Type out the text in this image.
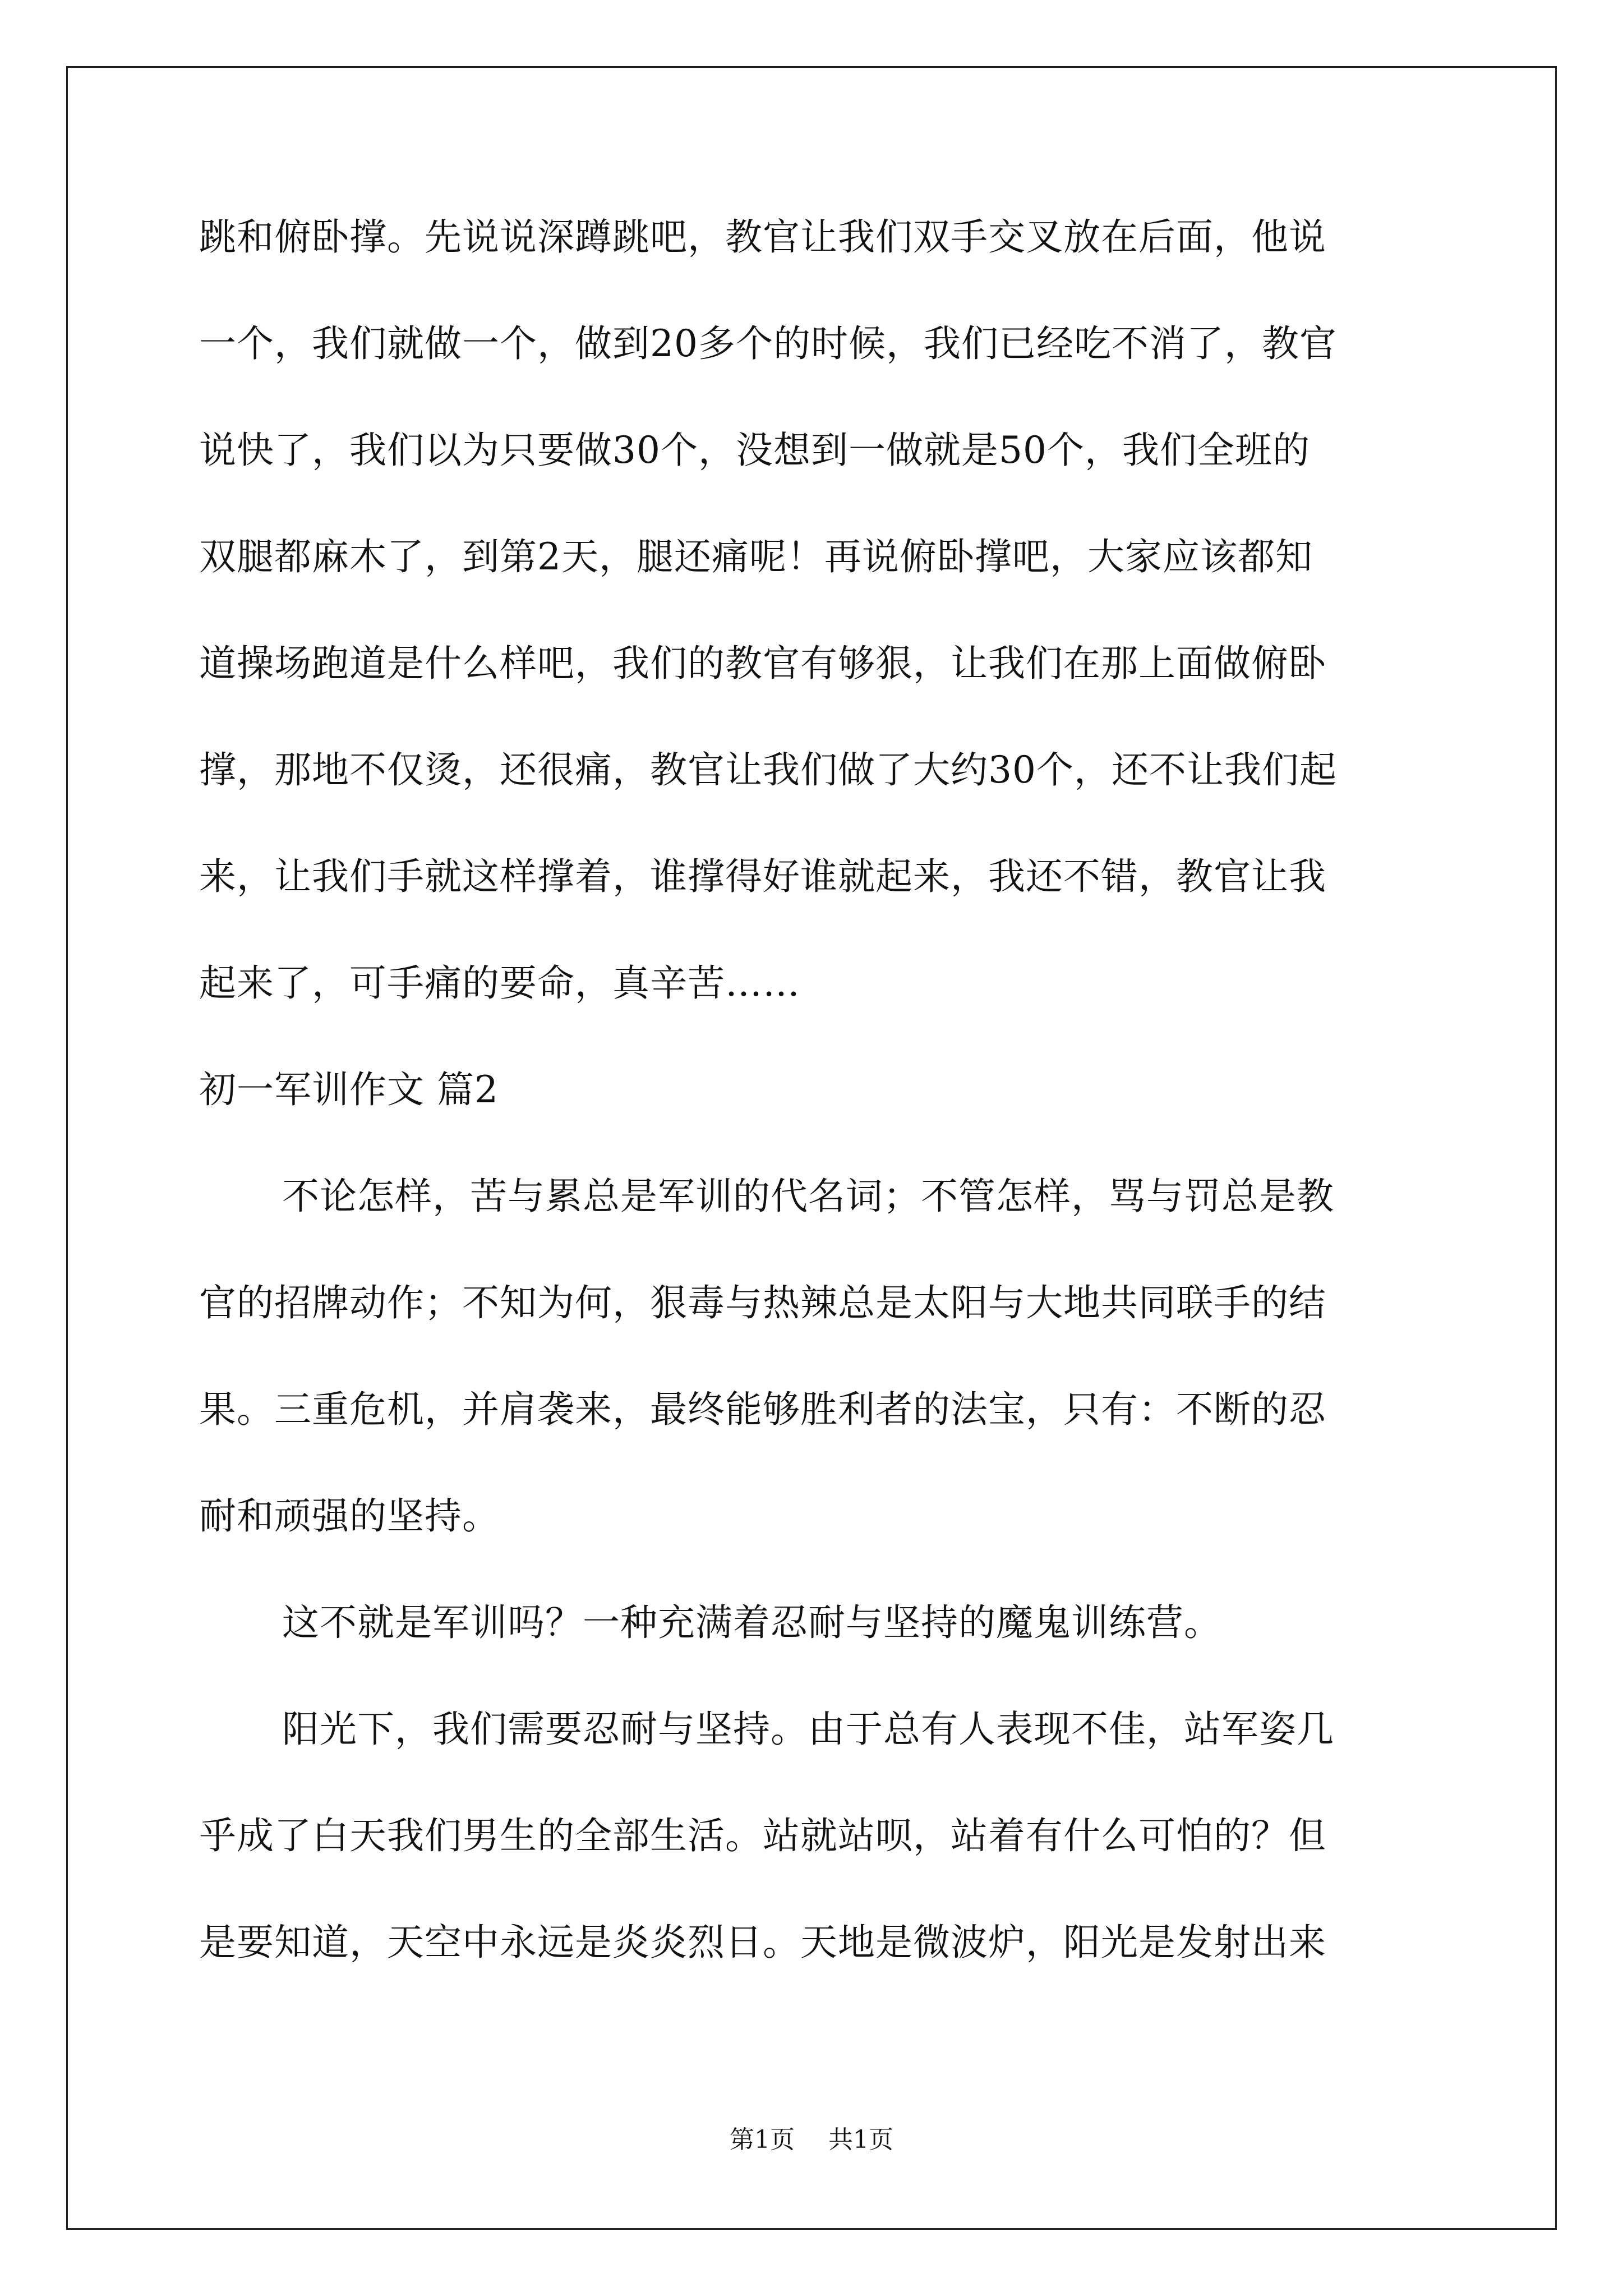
跳和俯卧撑。先说说深蹲跳吧，教官让我们双手交叉放在后面，他说
一个，我们就做一个，做到20多个的时候，我们已经吃不消了，教官
说快了，我们以为只要做30个，没想到一做就是50个，我们全班的
双腿都麻木了，到第2天，腿还痛呢！再说俯卧撑吧，大家应该都知
道操场跑道是什么样吧，我们的教官有够狠，让我们在那上面做俯卧
撑，那地不仅烫，还很痛，教官让我们做了大约30个，还不让我们起
来，让我们手就这样撑着，谁撑得好谁就起来，我还不错，教官让我
起来了，可手痛的要命，真辛苦……
初一军训作文 篇2
不论怎样，苦与累总是军训的代名词；不管怎样，骂与罚总是教
官的招牌动作；不知为何，狠毒与热辣总是太阳与大地共同联手的结
果。三重危机，并肩袭来，最终能够胜利者的法宝，只有：不断的忍
耐和顽强的坚持。
这不就是军训吗？一种充满着忍耐与坚持的魔鬼训练营。
阳光下，我们需要忍耐与坚持。由于总有人表现不佳，站军姿几
乎成了白天我们男生的全部生活。站就站呗，站着有什么可怕的？但
是要知道，天空中永远是炎炎烈日。天地是微波炉，阳光是发射出来
第1页 共1页
